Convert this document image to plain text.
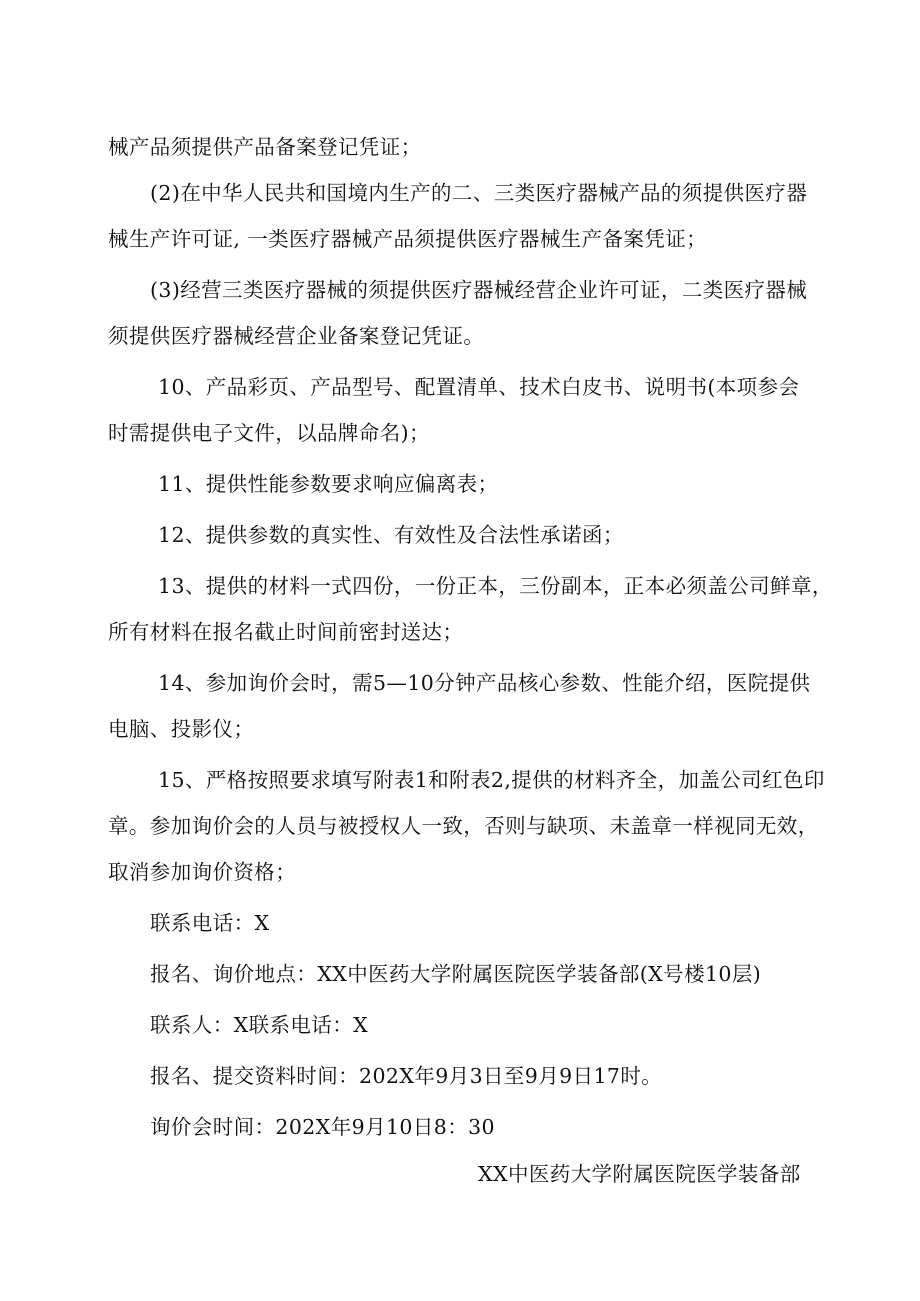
械产品须提供产品备案登记凭证；
(2)在中华人民共和国境内生产的二、三类医疗器械产品的须提供医疗器
械生产许可证, 一类医疗器械产品须提供医疗器械生产备案凭证；
(3)经营三类医疗器械的须提供医疗器械经营企业许可证，二类医疗器械
须提供医疗器械经营企业备案登记凭证。
10、产品彩页、产品型号、配置清单、技术白皮书、说明书(本项参会
时需提供电子文件，以品牌命名)；
11、提供性能参数要求响应偏离表；
12、提供参数的真实性、有效性及合法性承诺函；
13、提供的材料一式四份，一份正本，三份副本，正本必须盖公司鲜章，
所有材料在报名截止时间前密封送达；
14、参加询价会时，需5—10分钟产品核心参数、性能介绍，医院提供
电脑、投影仪；
15、严格按照要求填写附表1和附表2,提供的材料齐全，加盖公司红色印
章。参加询价会的人员与被授权人一致，否则与缺项、未盖章一样视同无效，
取消参加询价资格；
联系电话：X
报名、询价地点：XX中医药大学附属医院医学装备部(X号楼10层)
联系人：X联系电话：X
报名、提交资料时间：202X年9月3日至9月9日17时。
询价会时间：202X年9月10日8：30
XX中医药大学附属医院医学装备部
